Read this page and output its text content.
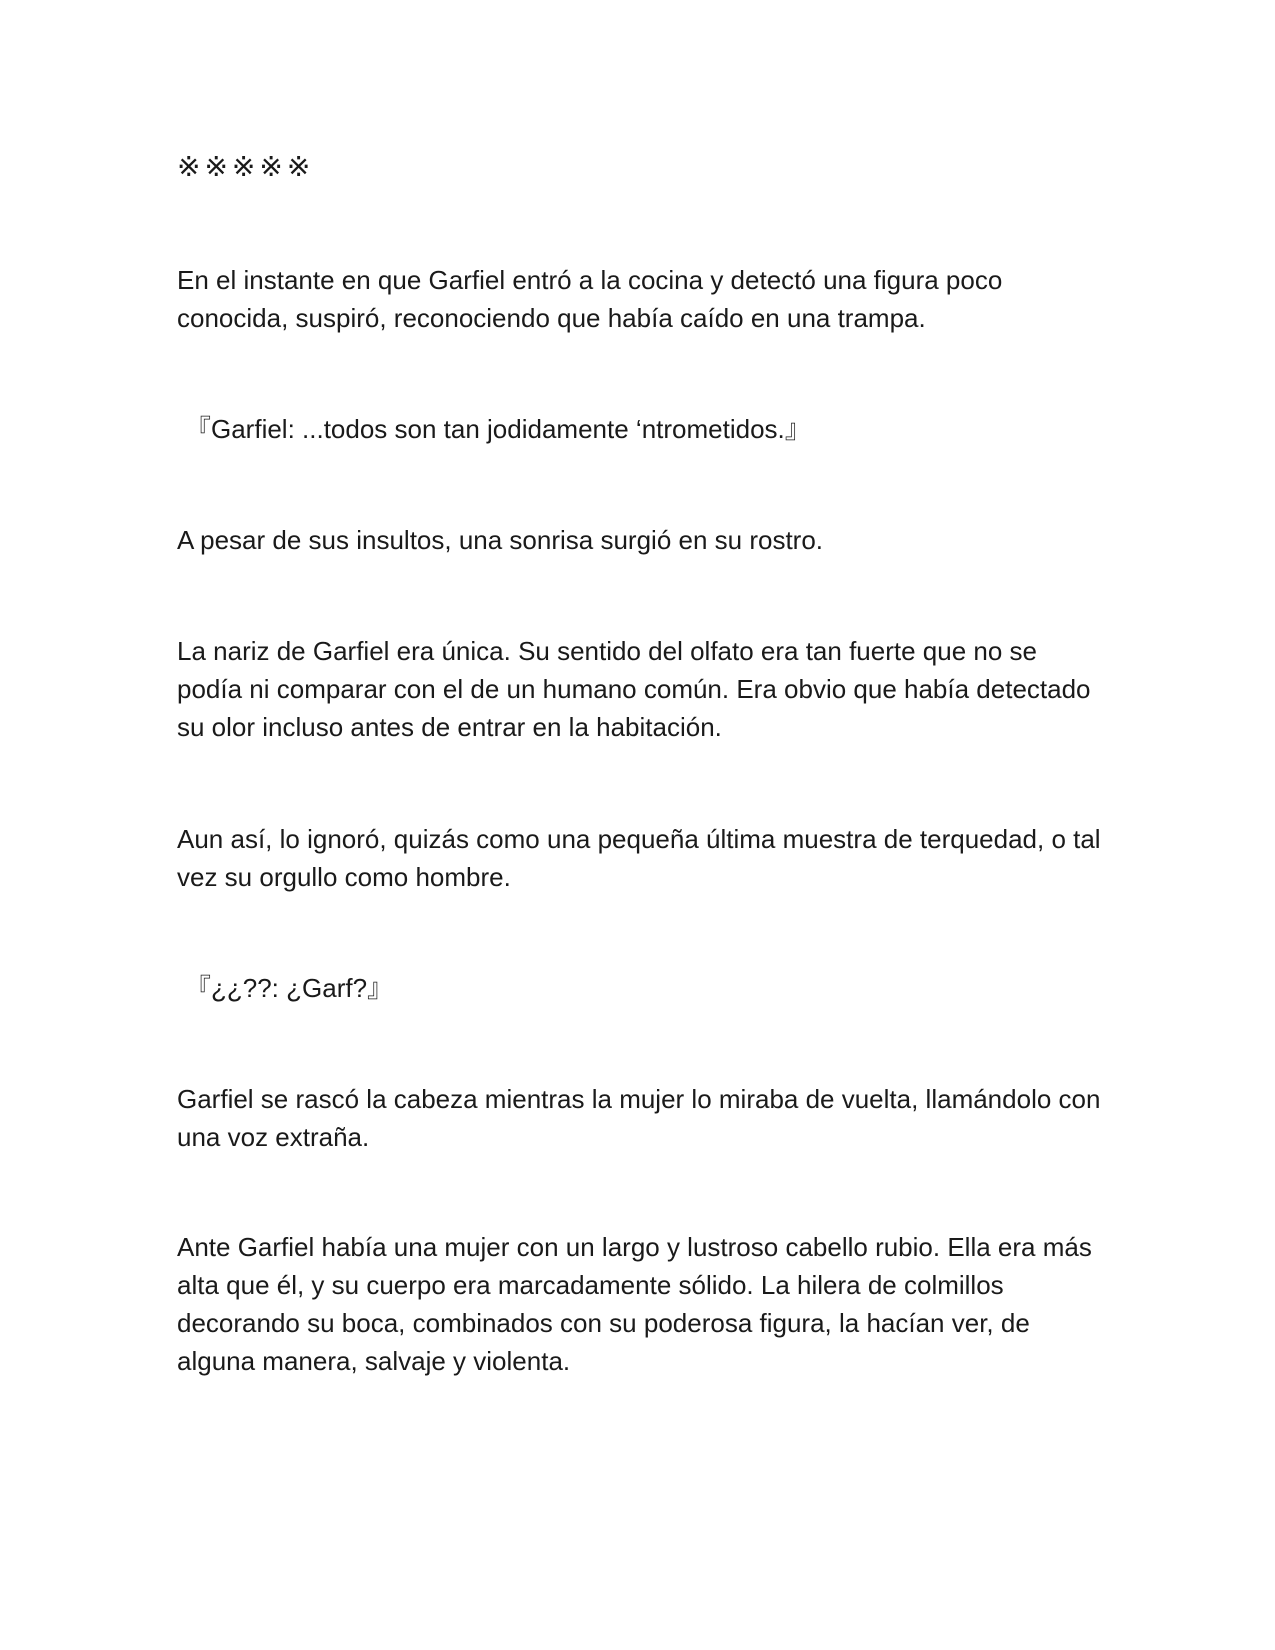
※※※※※

En el instante en que Garfiel entró a la cocina y detectó una figura poco conocida, suspiró, reconociendo que había caído en una trampa.

『Garfiel: ...todos son tan jodidamente ‘ntrometidos.』

A pesar de sus insultos, una sonrisa surgió en su rostro.

La nariz de Garfiel era única. Su sentido del olfato era tan fuerte que no se podía ni comparar con el de un humano común. Era obvio que había detectado su olor incluso antes de entrar en la habitación.

Aun así, lo ignoró, quizás como una pequeña última muestra de terquedad, o tal vez su orgullo como hombre.

『¿¿??: ¿Garf?』

Garfiel se rascó la cabeza mientras la mujer lo miraba de vuelta, llamándolo con una voz extraña.

Ante Garfiel había una mujer con un largo y lustroso cabello rubio. Ella era más alta que él, y su cuerpo era marcadamente sólido. La hilera de colmillos decorando su boca, combinados con su poderosa figura, la hacían ver, de alguna manera, salvaje y violenta.
